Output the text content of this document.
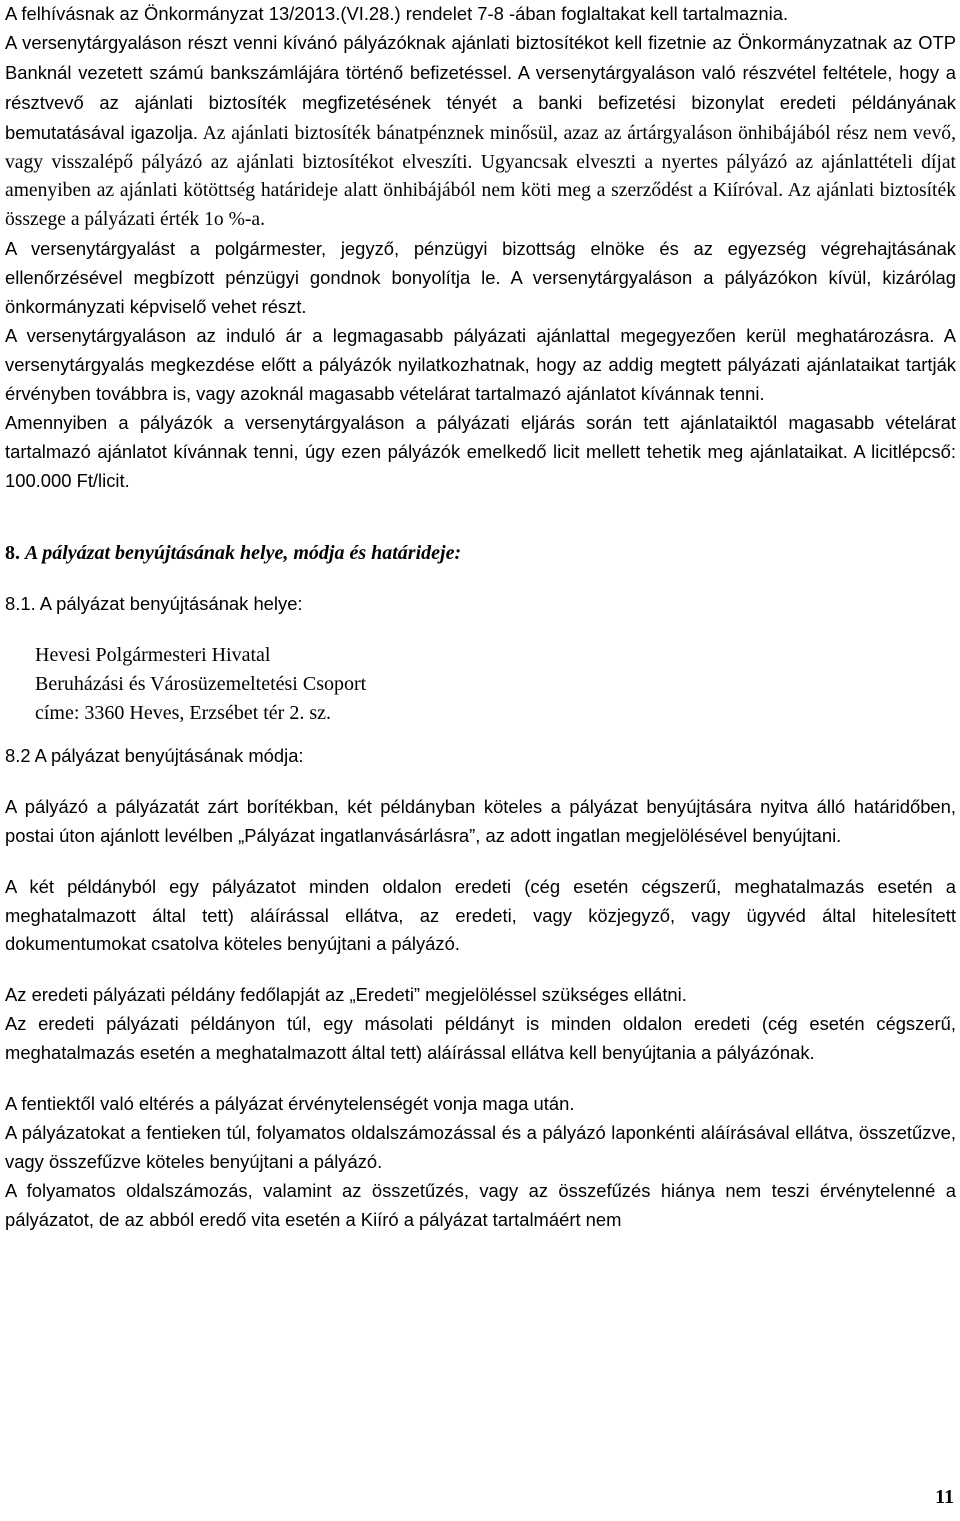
A felhívásnak az Önkormányzat 13/2013.(VI.28.) rendelet 7-8 -ában foglaltakat kell tartalmaznia.

A versenytárgyaláson részt venni kívánó pályázóknak ajánlati biztosítékot kell fizetnie az Önkormányzatnak az OTP Banknál vezetett számú bankszámlájára történő befizetéssel. A versenytárgyaláson való részvétel feltétele, hogy a résztvevő az ajánlati biztosíték megfizetésének tényét a banki befizetési bizonylat eredeti példányának bemutatásával igazolja. Az ajánlati biztosíték bánatpénznek minősül, azaz az ártárgyaláson önhibájából rész nem vevő, vagy visszalépő pályázó az ajánlati biztosítékot elveszíti. Ugyancsak elveszti a nyertes pályázó az ajánlattételi díjat amenyiben az ajánlati kötöttség határideje alatt önhibájából nem köti meg a szerződést a Kiíróval. Az ajánlati biztosíték összege a pályázati érték 1o %-a.

A versenytárgyalást a polgármester, jegyző, pénzügyi bizottság elnöke és az egyezség végrehajtásának ellenőrzésével megbízott pénzügyi gondnok bonyolítja le. A versenytárgyaláson a pályázókon kívül, kizárólag önkormányzati képviselő vehet részt.

A versenytárgyaláson az induló ár a legmagasabb pályázati ajánlattal megegyezően kerül meghatározásra. A versenytárgyalás megkezdése előtt a pályázók nyilatkozhatnak, hogy az addig megtett pályázati ajánlataikat tartják érvényben továbbra is, vagy azoknál magasabb vételárat tartalmazó ajánlatot kívánnak tenni.

Amennyiben a pályázók a versenytárgyaláson a pályázati eljárás során tett ajánlataiktól magasabb vételárat tartalmazó ajánlatot kívánnak tenni, úgy ezen pályázók emelkedő licit mellett tehetik meg ajánlataikat. A licitlépcső: 100.000 Ft/licit.

8. A pályázat benyújtásának helye, módja és határideje:

8.1. A pályázat benyújtásának helye:

Hevesi Polgármesteri Hivatal
Beruházási és Városüzemeltetési Csoport
címe: 3360 Heves, Erzsébet tér 2. sz.

8.2 A pályázat benyújtásának módja:

A pályázó a pályázatát zárt borítékban, két példányban köteles a pályázat benyújtására nyitva álló határidőben, postai úton ajánlott levélben „Pályázat ingatlanvásárlásra”, az adott ingatlan megjelölésével benyújtani.

A két példányból egy pályázatot minden oldalon eredeti (cég esetén cégszerű, meghatalmazás esetén a meghatalmazott által tett) aláírással ellátva, az eredeti, vagy közjegyző, vagy ügyvéd által hitelesített dokumentumokat csatolva köteles benyújtani a pályázó.

Az eredeti pályázati példány fedőlapját az „Eredeti” megjelöléssel szükséges ellátni.

Az eredeti pályázati példányon túl, egy másolati példányt is minden oldalon eredeti (cég esetén cégszerű, meghatalmazás esetén a meghatalmazott által tett) aláírással ellátva kell benyújtania a pályázónak.

A fentiektől való eltérés a pályázat érvénytelenségét vonja maga után.

A pályázatokat a fentieken túl, folyamatos oldalszámozással és a pályázó laponkénti aláírásával ellátva, összetűzve, vagy összefűzve köteles benyújtani a pályázó.

A folyamatos oldalszámozás, valamint az összetűzés, vagy az összefűzés hiánya nem teszi érvénytelenné a pályázatot, de az abból eredő vita esetén a Kiíró a pályázat tartalmáért nem

11
